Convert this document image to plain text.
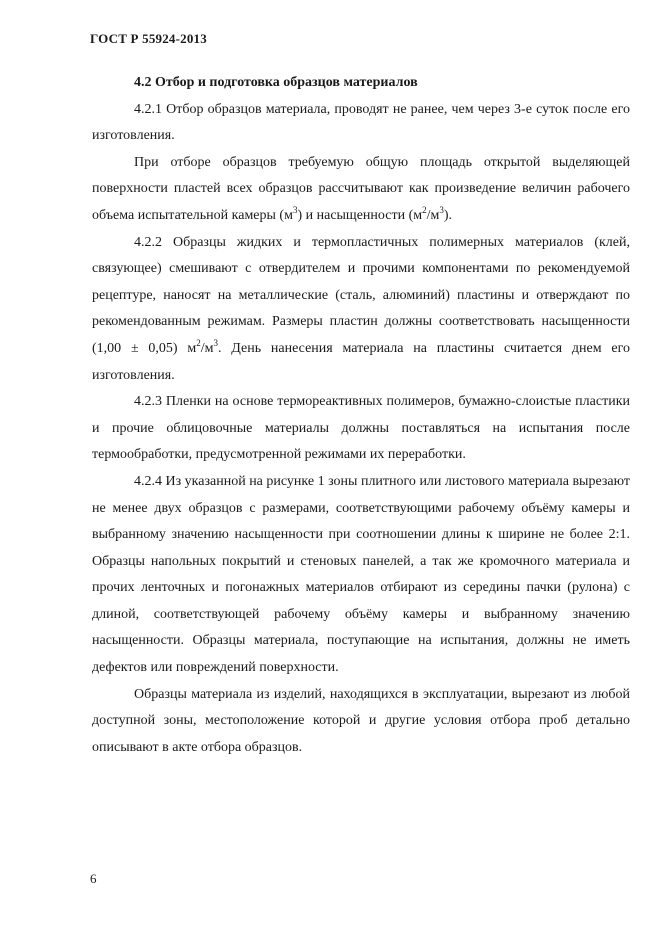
ГОСТ Р 55924-2013

4.2 Отбор и подготовка образцов материалов

4.2.1 Отбор образцов материала, проводят не ранее, чем через 3-е суток после его изготовления.

При отборе образцов требуемую общую площадь открытой выделяющей поверхности пластей всех образцов рассчитывают как произведение величин рабочего объема испытательной камеры $(м^3)$ и насыщенности $(м^2/м^3)$.

4.2.2 Образцы жидких и термопластичных полимерных материалов (клей, связующее) смешивают с отвердителем и прочими компонентами по рекомендуемой рецептуре, наносят на металлические (сталь, алюминий) пластины и отверждают по рекомендованным режимам. Размеры пластин должны соответствовать насыщенности (1,00 ± 0,05) $м^2/м^3$. День нанесения материала на пластины считается днем его изготовления.

4.2.3 Пленки на основе термореактивных полимеров, бумажно-слоистые пластики и прочие облицовочные материалы должны поставляться на испытания после термообработки, предусмотренной режимами их переработки.

4.2.4 Из указанной на рисунке 1 зоны плитного или листового материала вырезают не менее двух образцов с размерами, соответствующими рабочему объёму камеры и выбранному значению насыщенности при соотношении длины к ширине не более 2:1. Образцы напольных покрытий и стеновых панелей, а так же кромочного материала и прочих ленточных и погонажных материалов отбирают из середины пачки (рулона) с длиной, соответствующей рабочему объёму камеры и выбранному значению насыщенности. Образцы материала, поступающие на испытания, должны не иметь дефектов или повреждений поверхности.

Образцы материала из изделий, находящихся в эксплуатации, вырезают из любой доступной зоны, местоположение которой и другие условия отбора проб детально описывают в акте отбора образцов.

6
